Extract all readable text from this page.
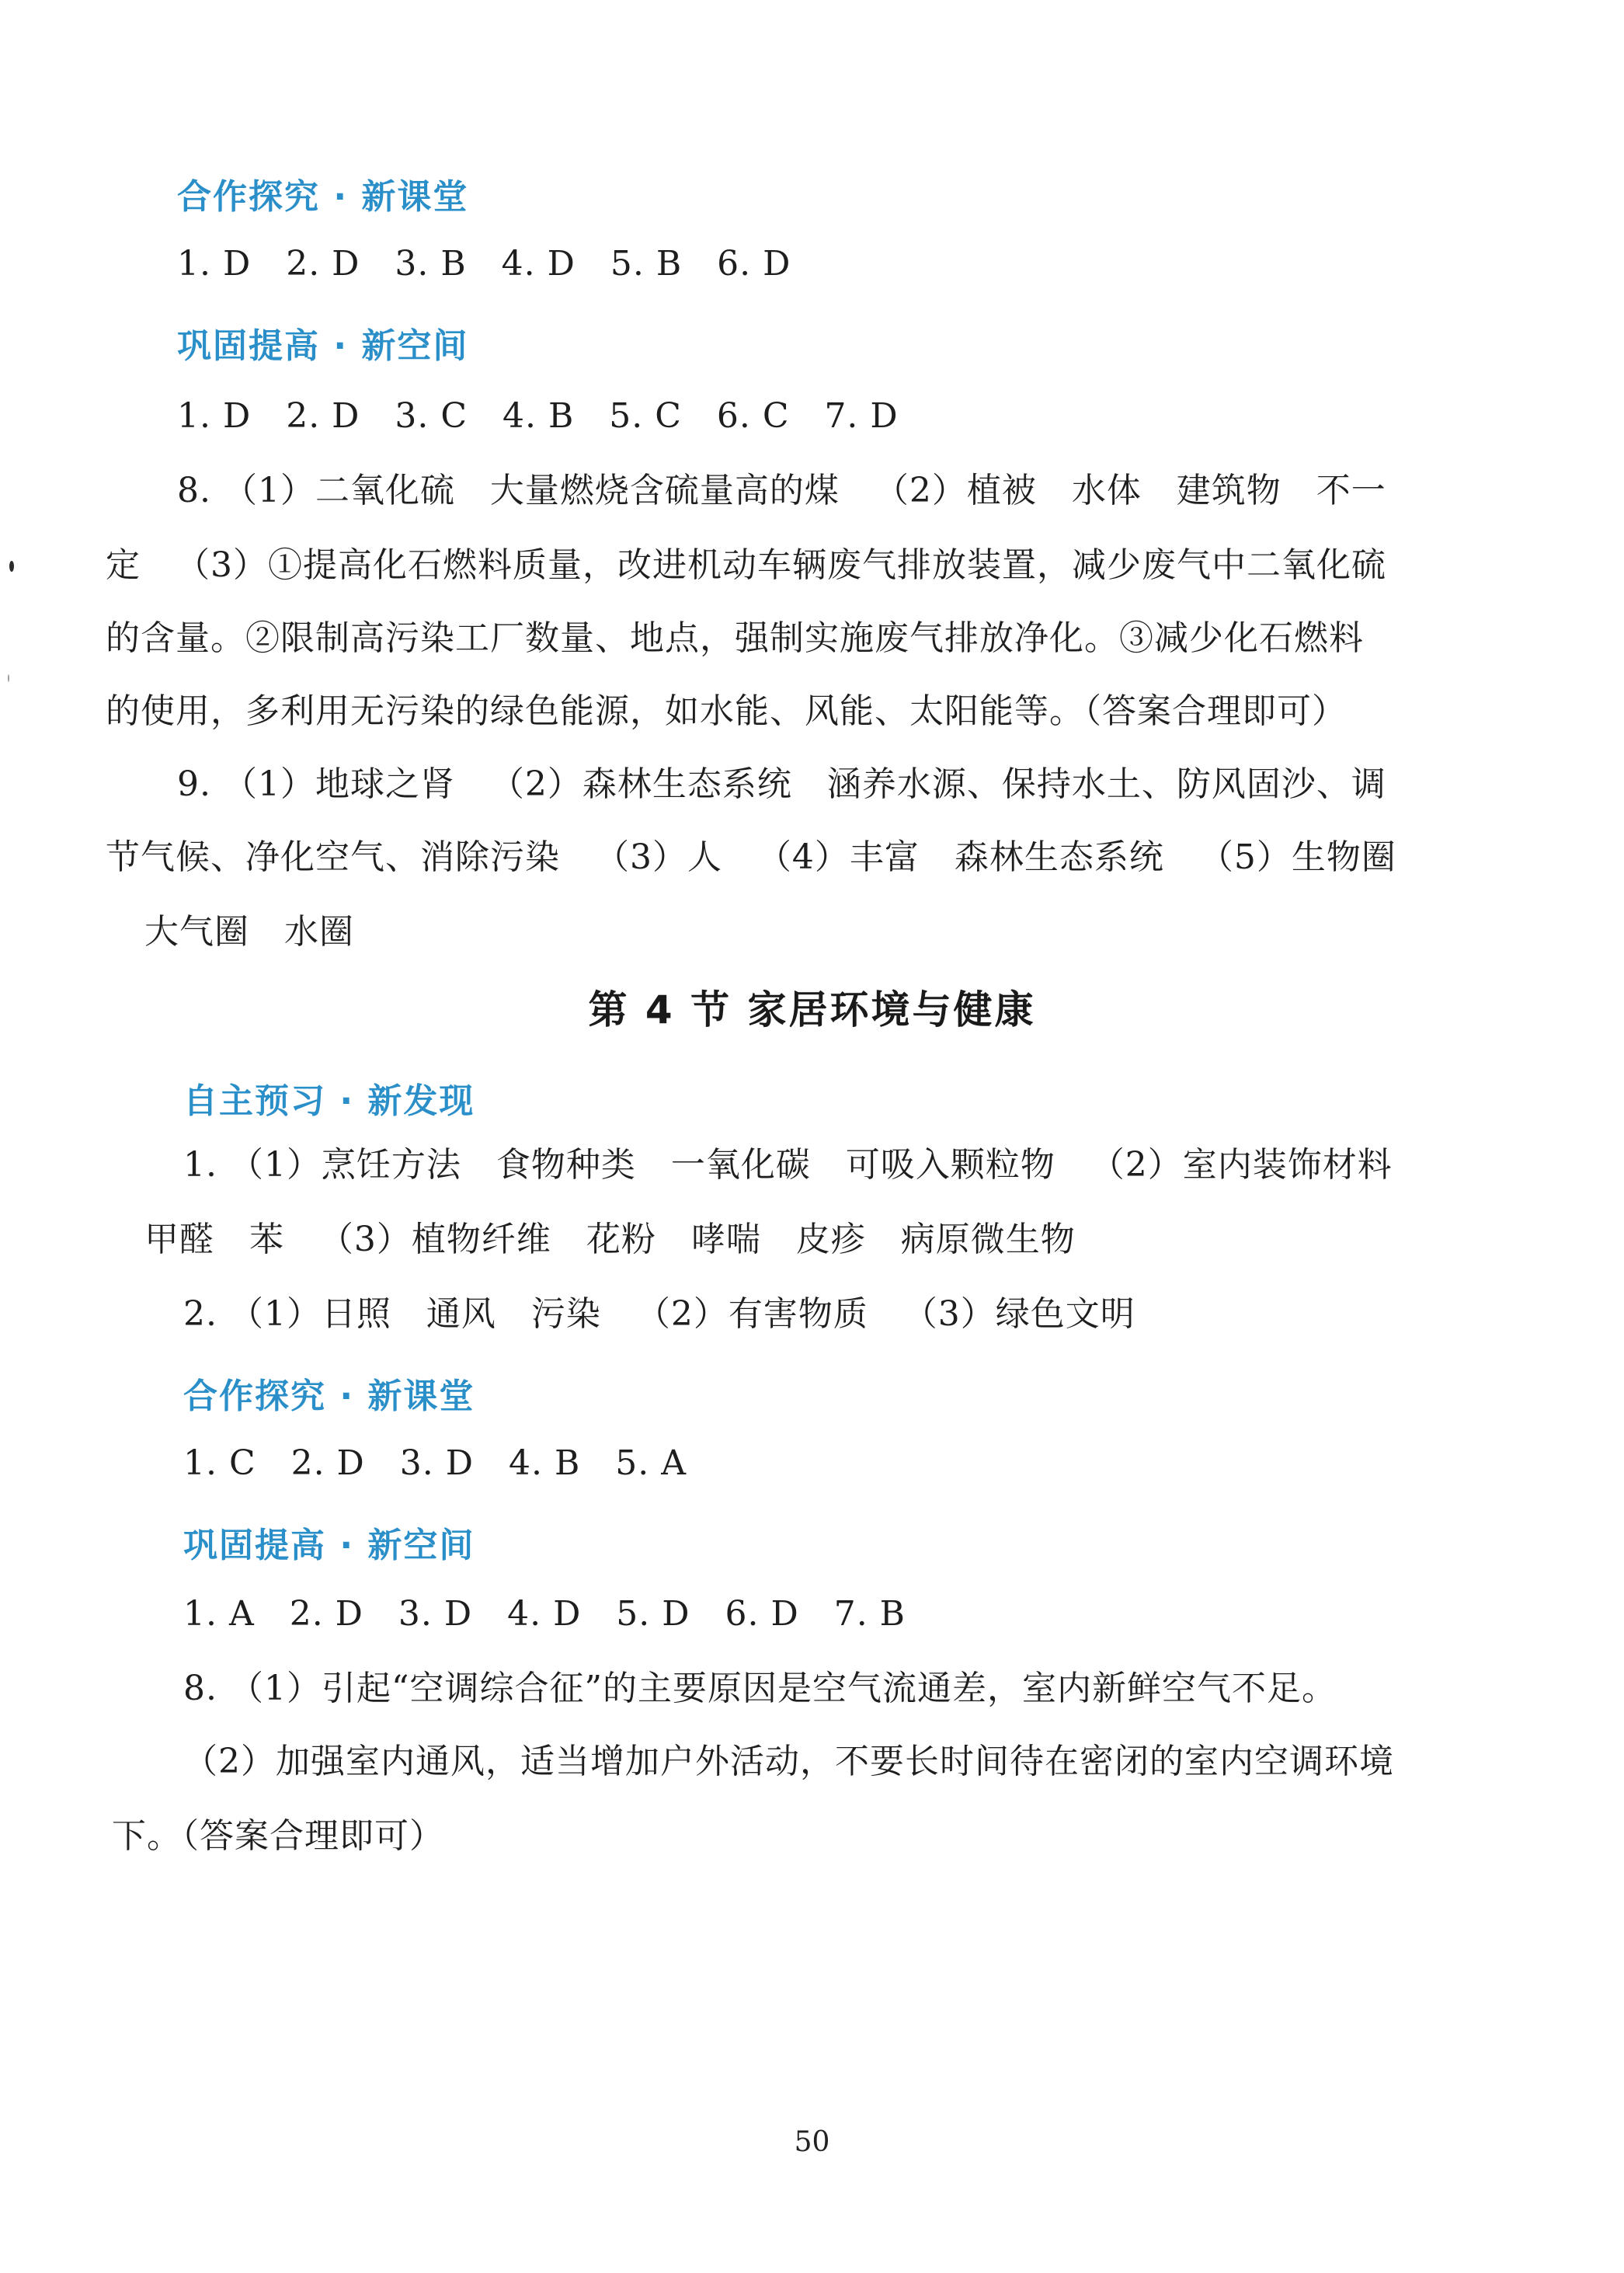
合作探究 · 新课堂
1. D   2. D   3. B   4. D   5. B   6. D
巩固提高 · 新空间
1. D   2. D   3. C   4. B   5. C   6. C   7. D
8. （1）二氧化硫   大量燃烧含硫量高的煤   （2）植被   水体   建筑物   不一
定   （3）①提高化石燃料质量，改进机动车辆废气排放装置，减少废气中二氧化硫
的含量。②限制高污染工厂数量、地点，强制实施废气排放净化。③减少化石燃料
的使用，多利用无污染的绿色能源，如水能、风能、太阳能等。（答案合理即可）
9. （1）地球之肾   （2）森林生态系统   涵养水源、保持水土、防风固沙、调
节气候、净化空气、消除污染   （3）人   （4）丰富   森林生态系统   （5）生物圈
大气圈   水圈
第 4 节 家居环境与健康
自主预习 · 新发现
1. （1）烹饪方法   食物种类   一氧化碳   可吸入颗粒物   （2）室内装饰材料
甲醛   苯   （3）植物纤维   花粉   哮喘   皮疹   病原微生物
2. （1）日照   通风   污染   （2）有害物质   （3）绿色文明
合作探究 · 新课堂
1. C   2. D   3. D   4. B   5. A
巩固提高 · 新空间
1. A   2. D   3. D   4. D   5. D   6. D   7. B
8. （1）引起“空调综合征”的主要原因是空气流通差，室内新鲜空气不足。
（2）加强室内通风，适当增加户外活动，不要长时间待在密闭的室内空调环境
下。（答案合理即可）
50
